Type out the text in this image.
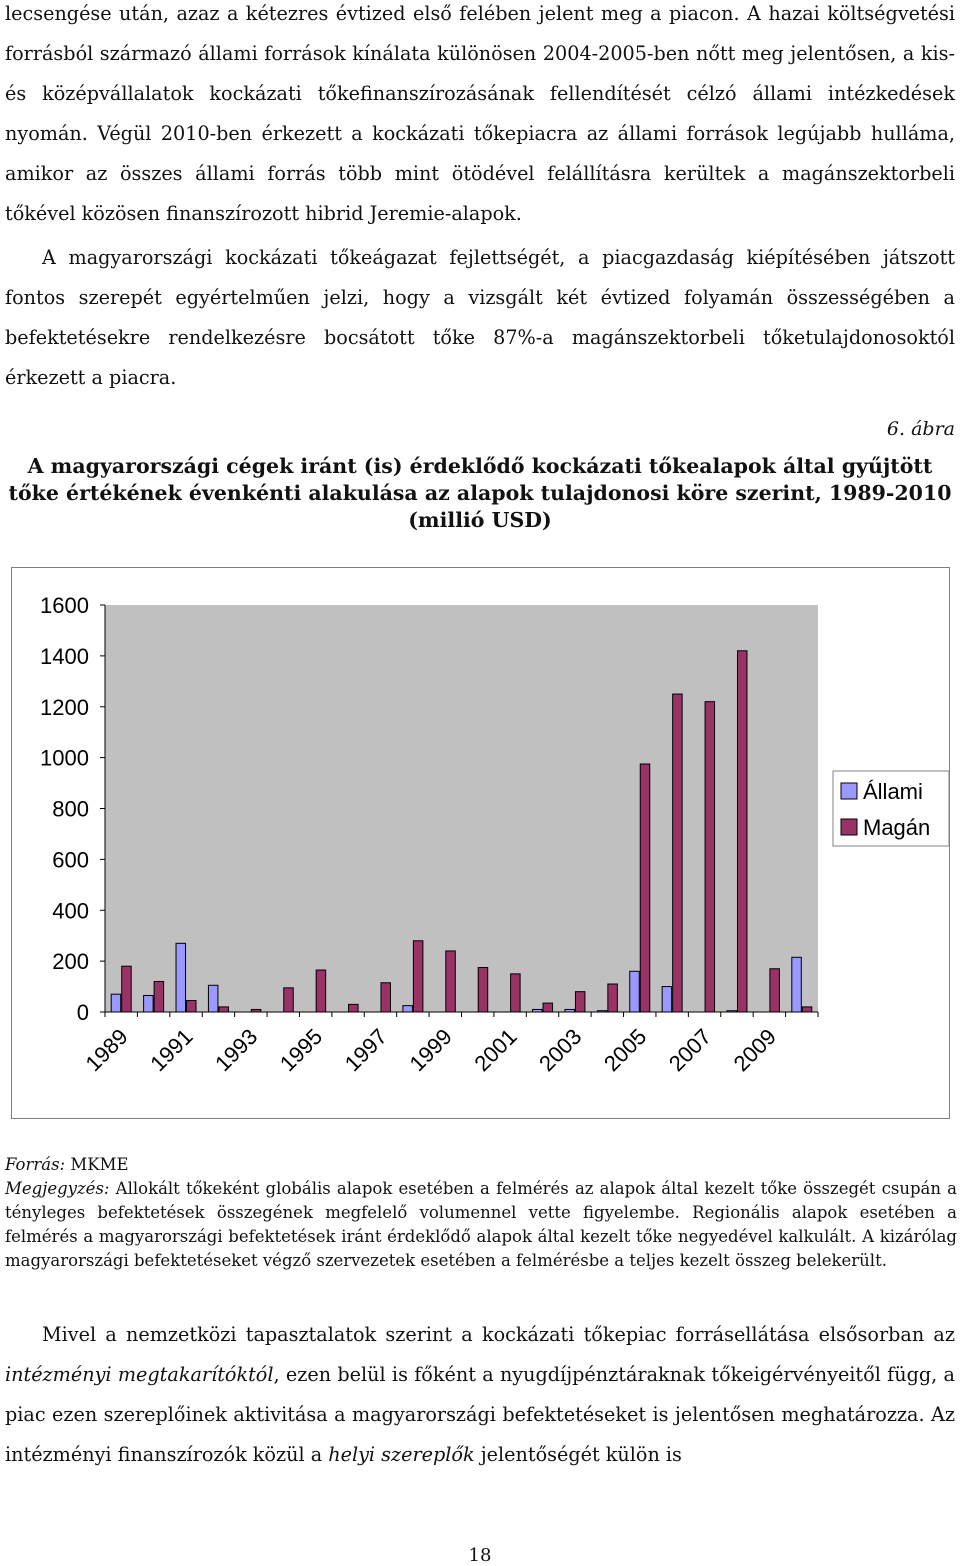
lecsengése után, azaz a kétezres évtized első felében jelent meg a piacon. A hazai költségvetési forrásból származó állami források kínálata különösen 2004-2005-ben nőtt meg jelentősen, a kis- és középvállalatok kockázati tőkefinanszírozásának fellendítését célzó állami intézkedések nyomán. Végül 2010-ben érkezett a kockázati tőkepiacra az állami források legújabb hulláma, amikor az összes állami forrás több mint ötödével felállításra kerültek a magánszektorbeli tőkével közösen finanszírozott hibrid Jeremie-alapok.

A magyarországi kockázati tőkeágazat fejlettségét, a piacgazdaság kiépítésében játszott fontos szerepét egyértelműen jelzi, hogy a vizsgált két évtized folyamán összességében a befektetésekre rendelkezésre bocsátott tőke 87%-a magánszektorbeli tőketulajdonosoktól érkezett a piacra.

6. ábra
A magyarországi cégek iránt (is) érdeklődő kockázati tőkealapok által gyűjtött tőke értékének évenkénti alakulása az alapok tulajdonosi köre szerint, 1989-2010 (millió USD)
0
200
400
600
800
1000
1200
1400
1600
1989 1991 1993 1995 1997 1999 2001 2003 2005 2007 2009
Állami
Magán

Forrás: MKME

Megjegyzés: Allokált tőkeként globális alapok esetében a felmérés az alapok által kezelt tőke összegét csupán a tényleges befektetések összegének megfelelő volumennel vette figyelembe. Regionális alapok esetében a felmérés a magyarországi befektetések iránt érdeklődő alapok által kezelt tőke negyedével kalkulált. A kizárólag magyarországi befektetéseket végző szervezetek esetében a felmérésbe a teljes kezelt összeg belekerült.

Mivel a nemzetközi tapasztalatok szerint a kockázati tőkepiac forrásellátása elsősorban az intézményi megtakarítóktól, ezen belül is főként a nyugdíjpénztáraknak tőkeigérvényeitől függ, a piac ezen szereplőinek aktivitása a magyarországi befektetéseket is jelentősen meghatározza. Az intézményi finanszírozók közül a helyi szereplők jelentőségét külön is

18
